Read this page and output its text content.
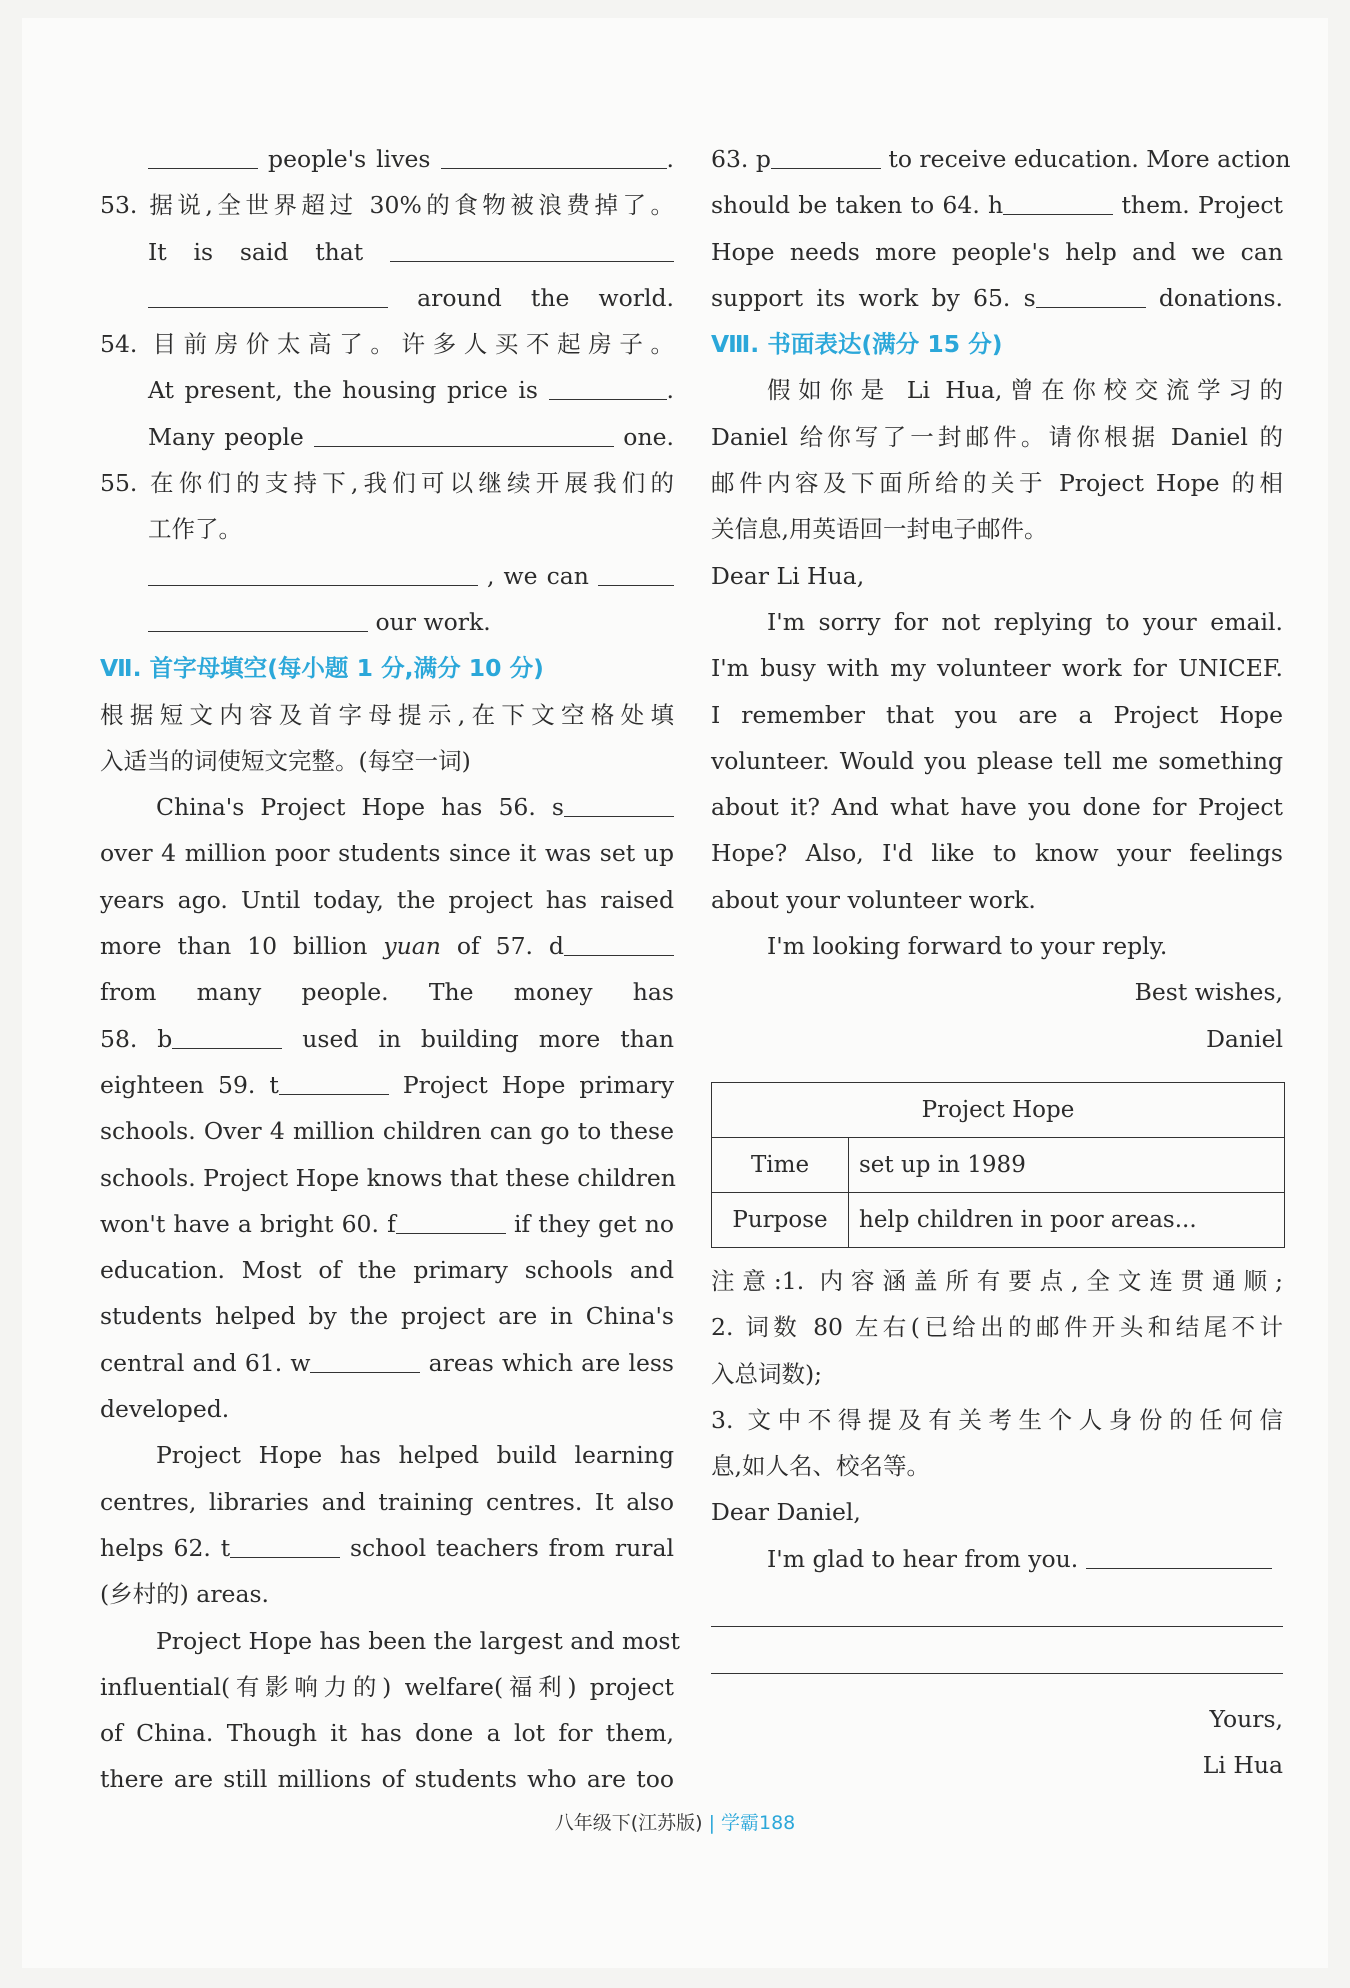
people's lives	.
53. 据说,全世界超过 30%的食物被浪费掉了。
It is said that
around the world.
54. 目前房价太高了。许多人买不起房子。
At present, the housing price is	.
Many people	one.
55. 在你们的支持下,我们可以继续开展我们的
工作了。
, we can
our work.
Ⅶ. 首字母填空(每小题 1 分,满分 10 分)
根据短文内容及首字母提示,在下文空格处填
入适当的词使短文完整。(每空一词)
China's Project Hope has 56. s
over 4 million poor students since it was set up
years ago. Until today, the project has raised
more than 10 billion yuan of 57. d
from many people. The money has
58. b	used in building more than
eighteen 59. t	Project Hope primary
schools. Over 4 million children can go to these
schools. Project Hope knows that these children
won't have a bright 60. f	if they get no
education. Most of the primary schools and
students helped by the project are in China's
central and 61. w	areas which are less
developed.
Project Hope has helped build learning
centres, libraries and training centres. It also
helps 62. t	school teachers from rural
(乡村的) areas.
Project Hope has been the largest and most
influential(有影响力的) welfare(福利) project
of China. Though it has done a lot for them,
there are still millions of students who are too
63. p	to receive education. More action
should be taken to 64. h	them. Project
Hope needs more people's help and we can
support its work by 65. s	donations.
Ⅷ. 书面表达(满分 15 分)
假如你是 Li Hua,曾在你校交流学习的
Daniel 给你写了一封邮件。请你根据 Daniel 的
邮件内容及下面所给的关于 Project Hope 的相
关信息,用英语回一封电子邮件。
Dear Li Hua,
I'm sorry for not replying to your email.
I'm busy with my volunteer work for UNICEF.
I remember that you are a Project Hope
volunteer. Would you please tell me something
about it? And what have you done for Project
Hope? Also, I'd like to know your feelings
about your volunteer work.
I'm looking forward to your reply.
Best wishes,
Daniel
Project Hope	
Time	set up in 1989
Purpose	help children in poor areas...
注意:1. 内容涵盖所有要点,全文连贯通顺;
2. 词数 80 左右(已给出的邮件开头和结尾不计
入总词数);
3. 文中不得提及有关考生个人身份的任何信
息,如人名、校名等。
Dear Daniel,
I'm glad to hear from you.
Yours,
Li Hua
八年级下(江苏版) | 学霸188
